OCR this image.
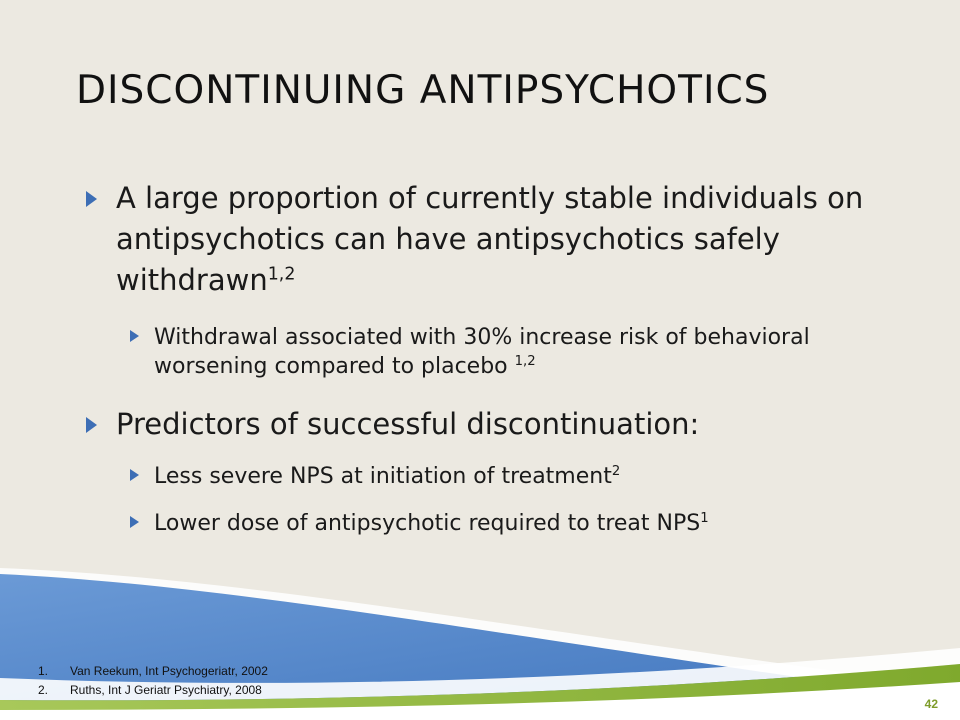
DISCONTINUING ANTIPSYCHOTICS
A large proportion of currently stable individuals on antipsychotics can have antipsychotics safely withdrawn$^{1,2}$
Withdrawal associated with 30% increase risk of behavioral worsening compared to placebo $^{1,2}$
Predictors of successful discontinuation:
Less severe NPS at initiation of treatment$^2$
Lower dose of antipsychotic required to treat NPS$^1$
1.	Van Reekum, Int Psychogeriatr, 2002
2.	Ruths, Int J Geriatr Psychiatry, 2008
42
